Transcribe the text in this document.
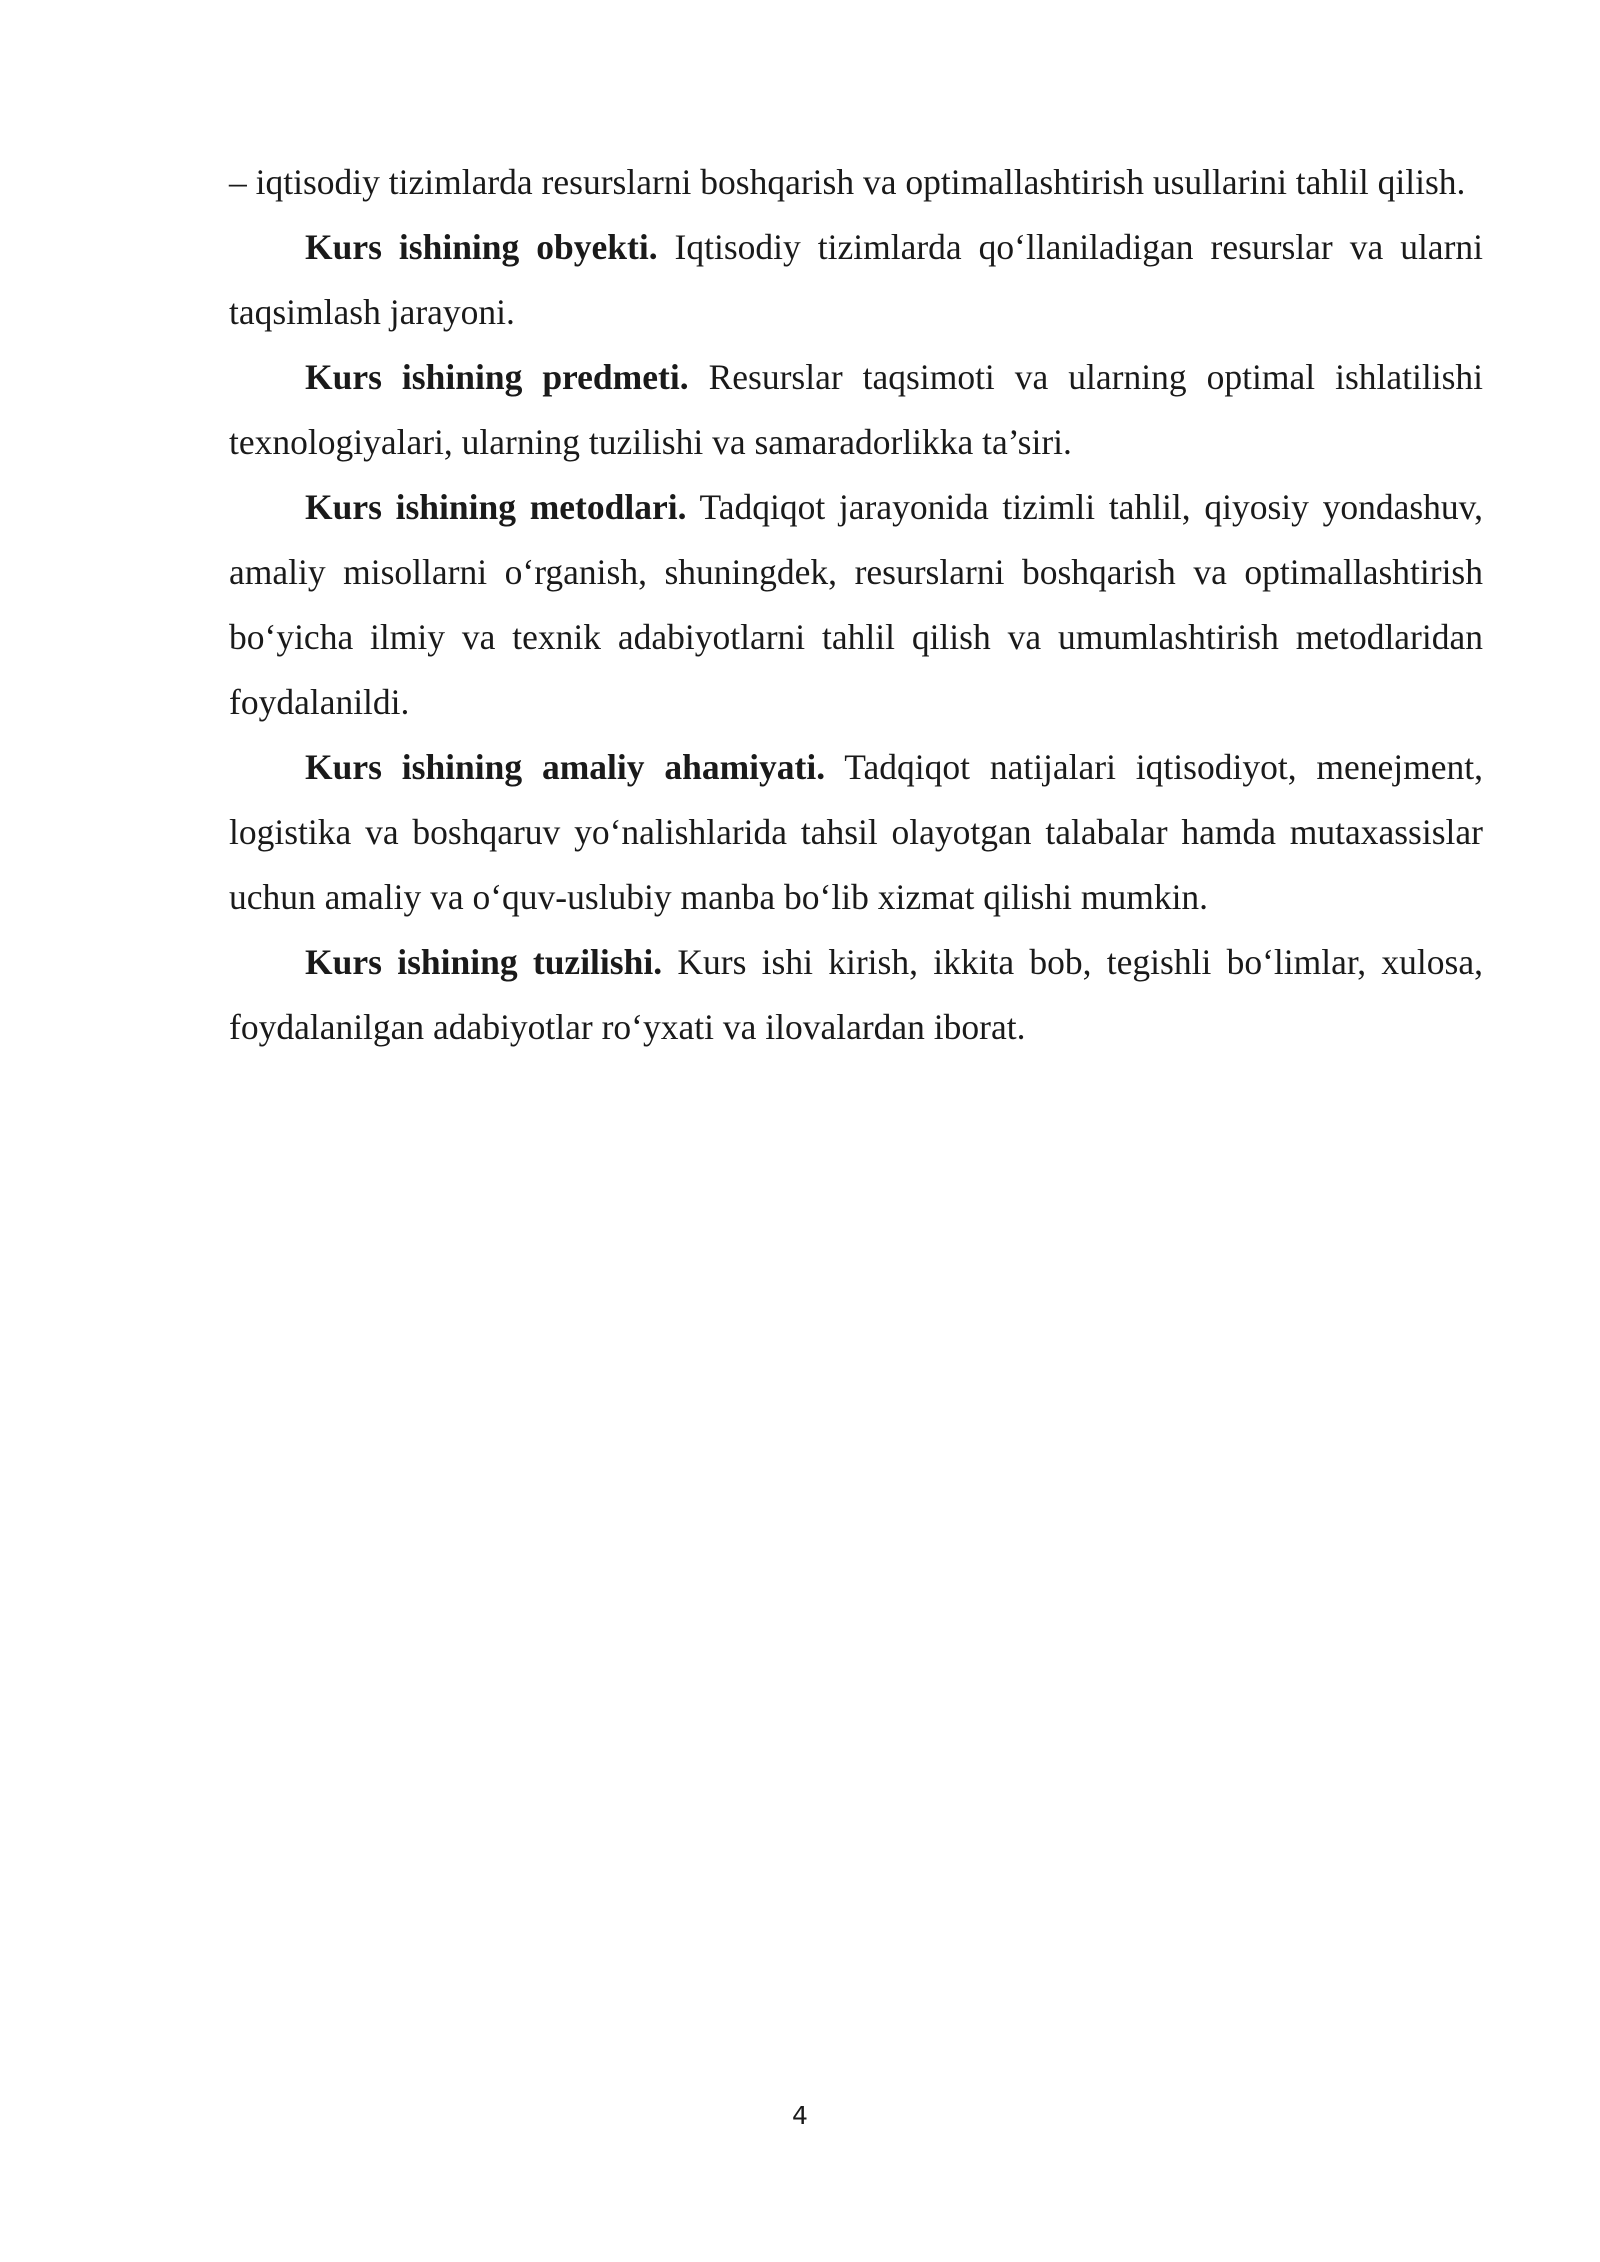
– iqtisodiy tizimlarda resurslarni boshqarish va optimallashtirish usullarini tahlil qilish.

Kurs ishining obyekti. Iqtisodiy tizimlarda qo‘llaniladigan resurslar va ularni taqsimlash jarayoni.

Kurs ishining predmeti. Resurslar taqsimoti va ularning optimal ishlatilishi texnologiyalari, ularning tuzilishi va samaradorlikka ta’siri.

Kurs ishining metodlari. Tadqiqot jarayonida tizimli tahlil, qiyosiy yondashuv, amaliy misollarni o‘rganish, shuningdek, resurslarni boshqarish va optimallashtirish bo‘yicha ilmiy va texnik adabiyotlarni tahlil qilish va umumlashtirish metodlaridan foydalanildi.

Kurs ishining amaliy ahamiyati. Tadqiqot natijalari iqtisodiyot, menejment, logistika va boshqaruv yo‘nalishlarida tahsil olayotgan talabalar hamda mutaxassislar uchun amaliy va o‘quv-uslubiy manba bo‘lib xizmat qilishi mumkin.

Kurs ishining tuzilishi. Kurs ishi kirish, ikkita bob, tegishli bo‘limlar, xulosa, foydalanilgan adabiyotlar ro‘yxati va ilovalardan iborat.

4
